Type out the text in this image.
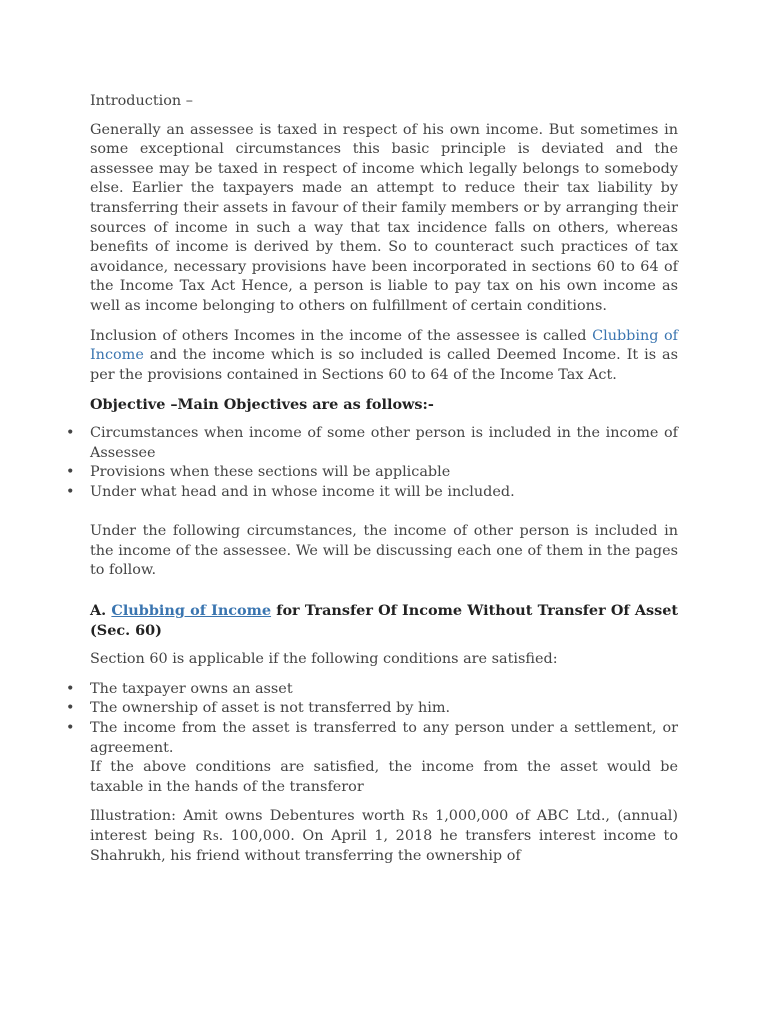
Introduction –

Generally an assessee is taxed in respect of his own income. But sometimes in some exceptional circumstances this basic principle is deviated and the assessee may be taxed in respect of income which legally belongs to somebody else. Earlier the taxpayers made an attempt to reduce their tax liability by transferring their assets in favour of their family members or by arranging their sources of income in such a way that tax incidence falls on others, whereas benefits of income is derived by them. So to counteract such practices of tax avoidance, necessary provisions have been incorporated in sections 60 to 64 of the Income Tax Act Hence, a person is liable to pay tax on his own income as well as income belonging to others on fulfillment of certain conditions.

Inclusion of others Incomes in the income of the assessee is called Clubbing of Income and the income which is so included is called Deemed Income. It is as per the provisions contained in Sections 60 to 64 of the Income Tax Act.

Objective –Main Objectives are as follows:-

• Circumstances when income of some other person is included in the income of Assessee
• Provisions when these sections will be applicable
• Under what head and in whose income it will be included.

Under the following circumstances, the income of other person is included in the income of the assessee. We will be discussing each one of them in the pages to follow.

A. Clubbing of Income for Transfer Of Income Without Transfer Of Asset (Sec. 60)

Section 60 is applicable if the following conditions are satisfied:

• The taxpayer owns an asset
• The ownership of asset is not transferred by him.
• The income from the asset is transferred to any person under a settlement, or agreement.

If the above conditions are satisfied, the income from the asset would be taxable in the hands of the transferor

Illustration: Amit owns Debentures worth ₨ 1,000,000 of ABC Ltd., (annual) interest being ₨. 100,000. On April 1, 2018 he transfers interest income to Shahrukh, his friend without transferring the ownership of
